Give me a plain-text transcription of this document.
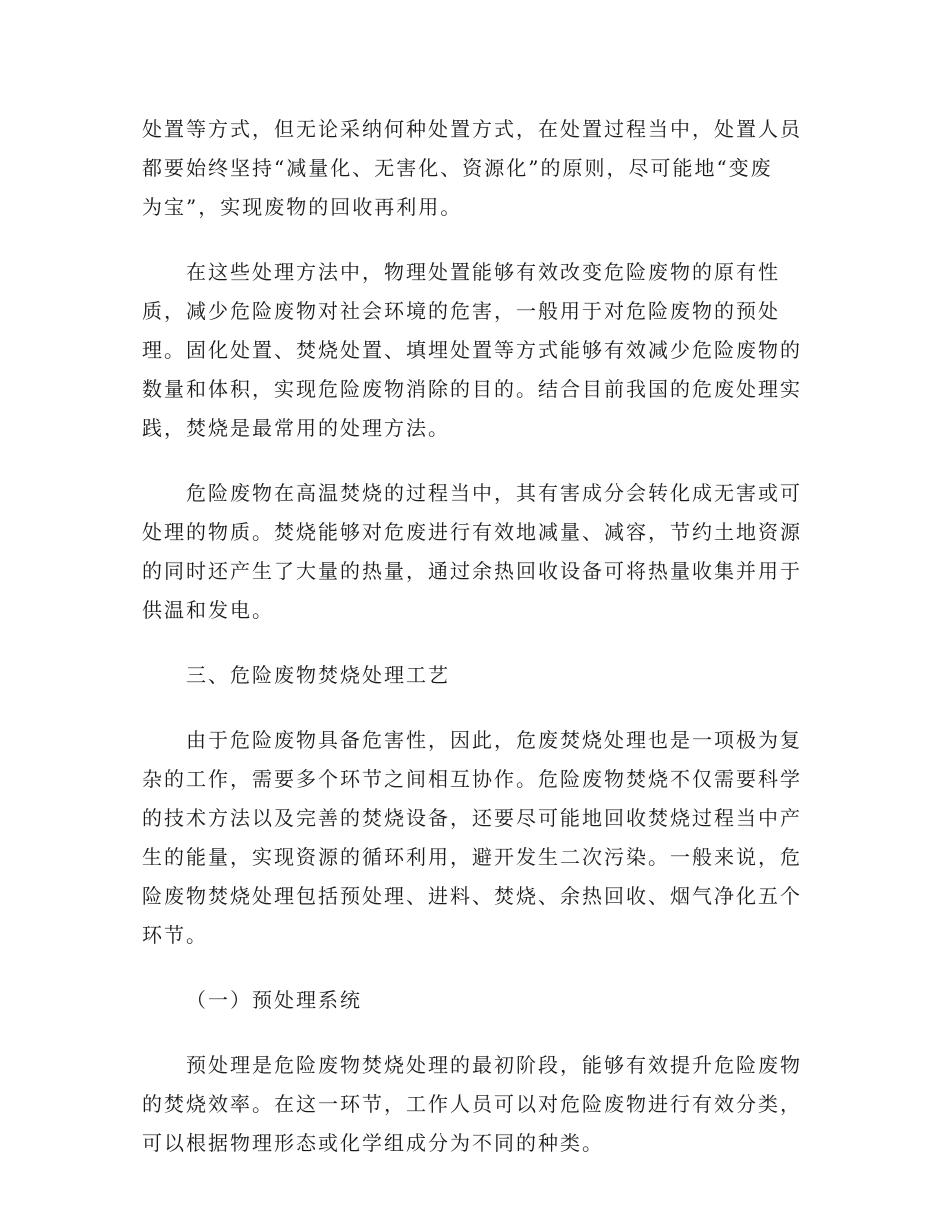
处置等方式，但无论采纳何种处置方式，在处置过程当中，处置人员
都要始终坚持“减量化、无害化、资源化”的原则，尽可能地“变废
为宝”，实现废物的回收再利用。
在这些处理方法中，物理处置能够有效改变危险废物的原有性
质，减少危险废物对社会环境的危害，一般用于对危险废物的预处
理。固化处置、焚烧处置、填埋处置等方式能够有效减少危险废物的
数量和体积，实现危险废物消除的目的。结合目前我国的危废处理实
践，焚烧是最常用的处理方法。
危险废物在高温焚烧的过程当中，其有害成分会转化成无害或可
处理的物质。焚烧能够对危废进行有效地减量、减容，节约土地资源
的同时还产生了大量的热量，通过余热回收设备可将热量收集并用于
供温和发电。
三、危险废物焚烧处理工艺
由于危险废物具备危害性，因此，危废焚烧处理也是一项极为复
杂的工作，需要多个环节之间相互协作。危险废物焚烧不仅需要科学
的技术方法以及完善的焚烧设备，还要尽可能地回收焚烧过程当中产
生的能量，实现资源的循环利用，避开发生二次污染。一般来说，危
险废物焚烧处理包括预处理、进料、焚烧、余热回收、烟气净化五个
环节。
（一）预处理系统
预处理是危险废物焚烧处理的最初阶段，能够有效提升危险废物
的焚烧效率。在这一环节，工作人员可以对危险废物进行有效分类，
可以根据物理形态或化学组成分为不同的种类。
